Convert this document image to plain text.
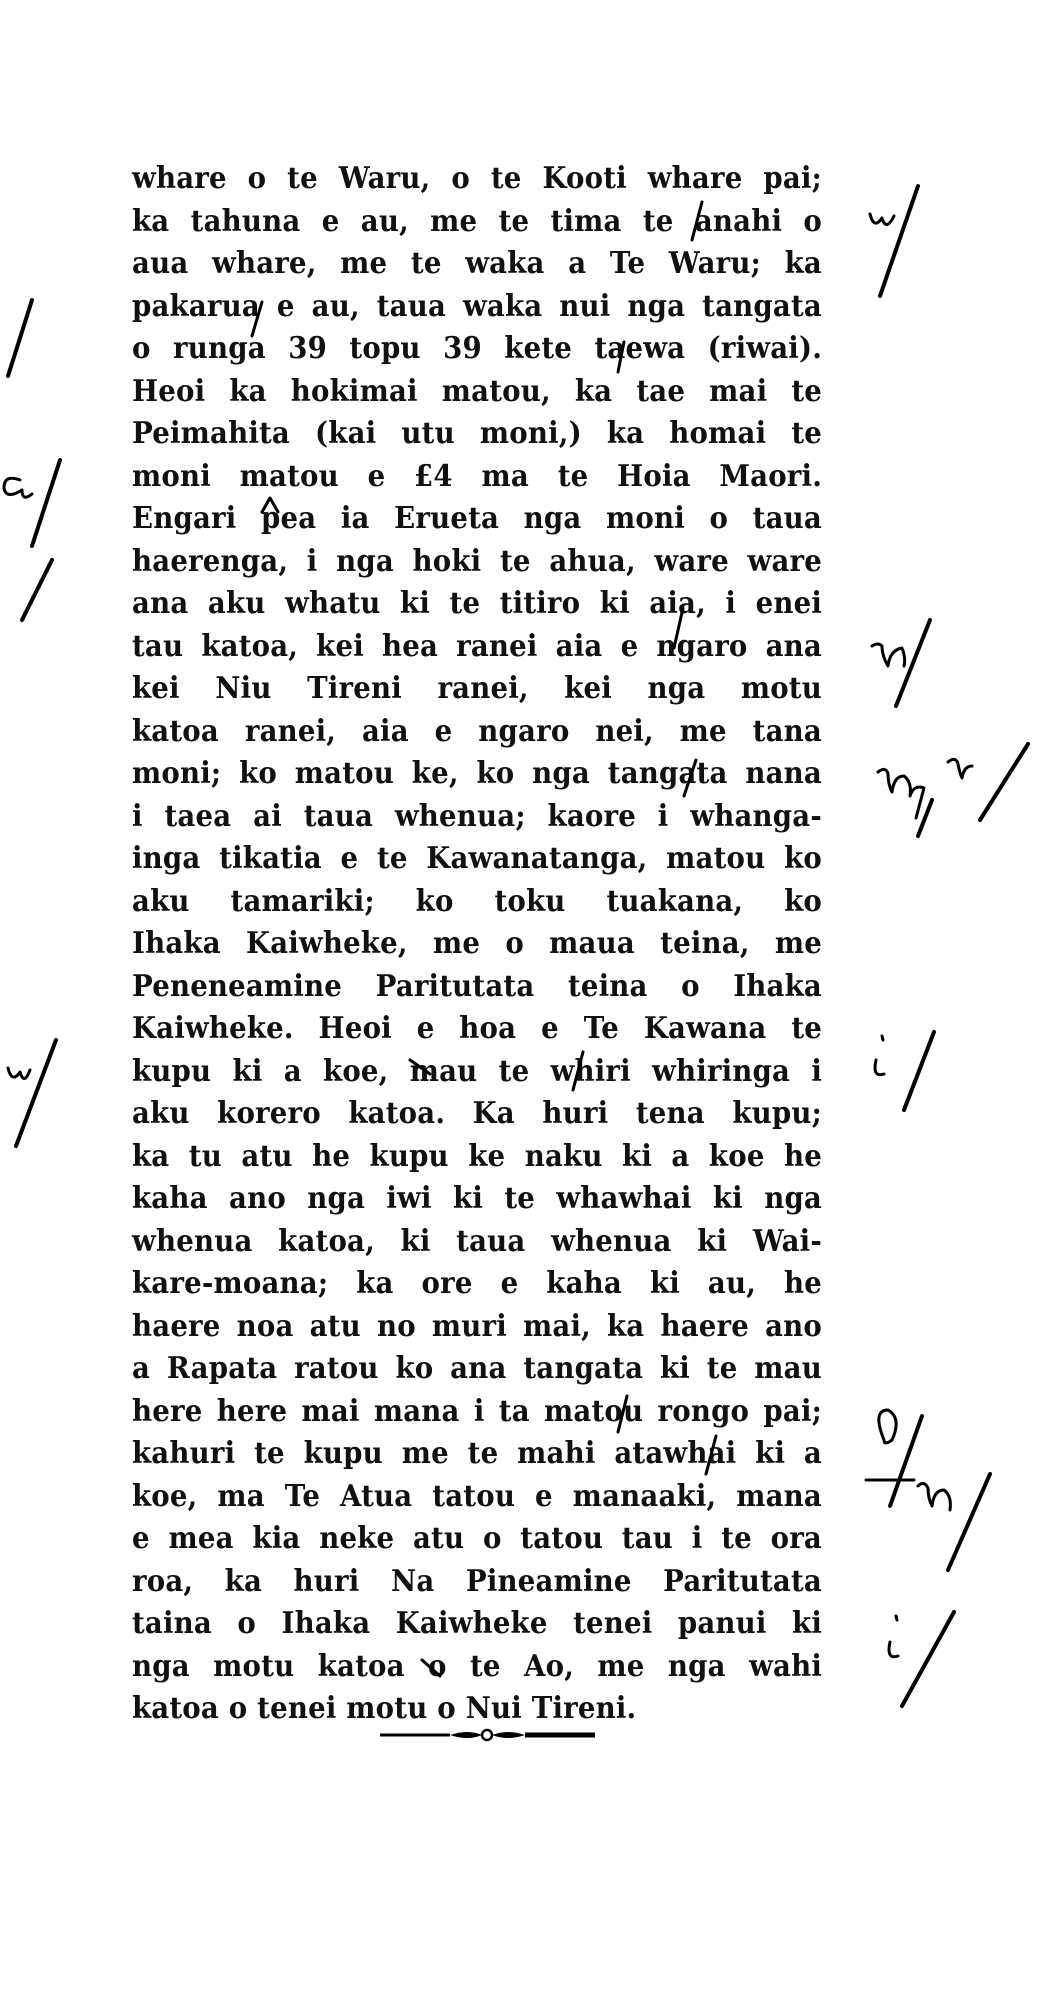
whare o te Waru, o te Kooti whare pai;
ka tahuna e au, me te tima te anahi o
aua whare, me te waka a Te Waru; ka
pakarua e au, taua waka nui nga tangata
o runga 39 topu 39 kete taewa (riwai).
Heoi ka hokimai matou, ka tae mai te
Peimahita (kai utu moni,) ka homai te
moni matou e £4 ma te Hoia Maori.
Engari pea ia Erueta nga moni o taua
haerenga, i nga hoki te ahua, ware ware
ana aku whatu ki te titiro ki aia, i enei
tau katoa, kei hea ranei aia e ngaro ana
kei Niu Tireni ranei, kei nga motu
katoa ranei, aia e ngaro nei, me tana
moni; ko matou ke, ko nga tangata nana
i taea ai taua whenua; kaore i whanga-
inga tikatia e te Kawanatanga, matou ko
aku tamariki; ko toku tuakana, ko
Ihaka Kaiwheke, me o maua teina, me
Peneneamine Paritutata teina o Ihaka
Kaiwheke. Heoi e hoa e Te Kawana te
kupu ki a koe, mau te whiri whiringa i
aku korero katoa. Ka huri tena kupu;
ka tu atu he kupu ke naku ki a koe he
kaha ano nga iwi ki te whawhai ki nga
whenua katoa, ki taua whenua ki Wai-
kare-moana; ka ore e kaha ki au, he
haere noa atu no muri mai, ka haere ano
a Rapata ratou ko ana tangata ki te mau
here here mai mana i ta matou rongo pai;
kahuri te kupu me te mahi atawhai ki a
koe, ma Te Atua tatou e manaaki, mana
e mea kia neke atu o tatou tau i te ora
roa, ka huri Na Pineamine Paritutata
taina o Ihaka Kaiwheke tenei panui ki
nga motu katoa o te Ao, me nga wahi
katoa o tenei motu o Nui Tireni.
